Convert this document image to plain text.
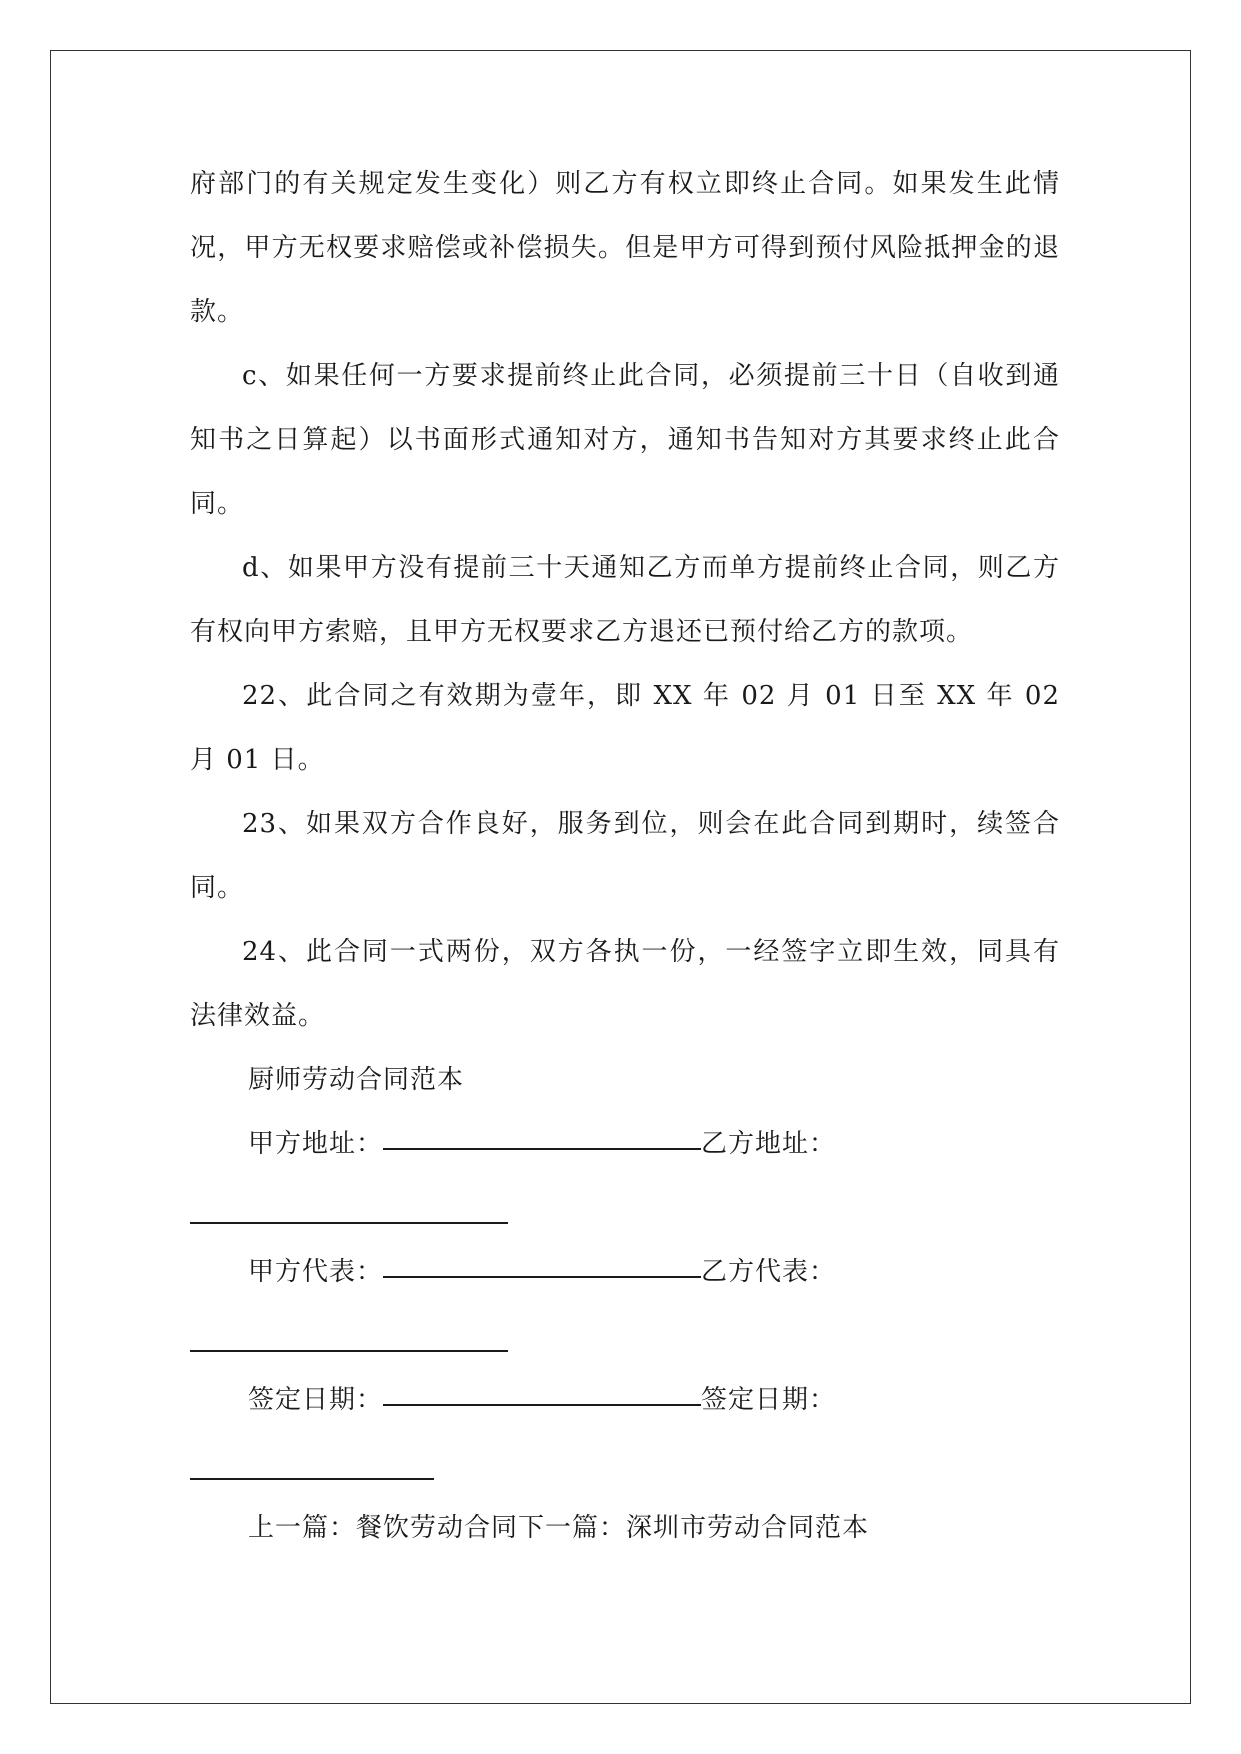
府部门的有关规定发生变化）则乙方有权立即终止合同。如果发生此情况，甲方无权要求赔偿或补偿损失。但是甲方可得到预付风险抵押金的退款。

c、如果任何一方要求提前终止此合同，必须提前三十日（自收到通知书之日算起）以书面形式通知对方，通知书告知对方其要求终止此合同。

d、如果甲方没有提前三十天通知乙方而单方提前终止合同，则乙方有权向甲方索赔，且甲方无权要求乙方退还已预付给乙方的款项。

22、此合同之有效期为壹年，即 XX 年 02 月 01 日至 XX 年 02 月 01 日。

23、如果双方合作良好，服务到位，则会在此合同到期时，续签合同。

24、此合同一式两份，双方各执一份，一经签字立即生效，同具有法律效益。

厨师劳动合同范本
甲方地址：	乙方地址：
甲方代表：	乙方代表：
签定日期：	签定日期：
上一篇：餐饮劳动合同下一篇：深圳市劳动合同范本
